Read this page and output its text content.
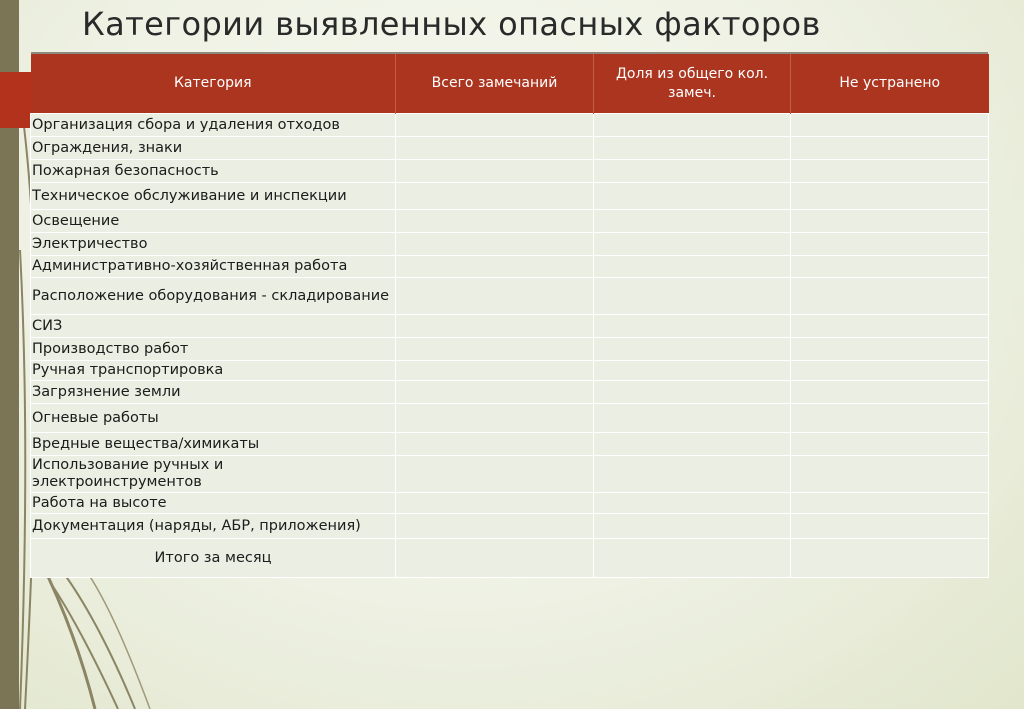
Категории выявленных опасных факторов
Категория	Всего замечаний	Доля из общего кол. замеч.	Не устранено
Организация сбора и удаления отходов			
Ограждения, знаки			
Пожарная безопасность			
Техническое обслуживание и инспекции			
Освещение			
Электричество			
Административно-хозяйственная работа			
Расположение оборудования - складирование			
СИЗ			
Производство работ			
Ручная транспортировка			
Загрязнение земли			
Огневые работы			
Вредные вещества/химикаты			
Использование ручных и электроинструментов			
Работа на высоте			
Документация (наряды, АБР, приложения)			
Итого за месяц			
